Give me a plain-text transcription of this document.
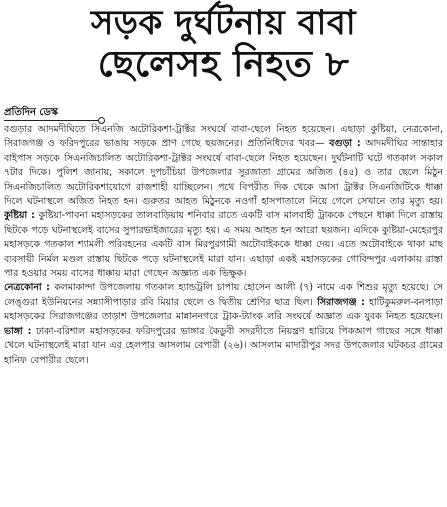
সড়ক দুর্ঘটনায় বাবা
ছেলেসহ নিহত ৮
প্রতিদিন ডেস্ক

বগুড়ার আদমদীঘিতে সিএনজি অটোরিকশা-ট্রাক্টর সংঘর্ষে বাবা-ছেলে নিহত হয়েছেন। এছাড়া কুষ্টিয়া, নেত্রকোনা, সিরাজগঞ্জ ও ফরিদপুরের ভাঙায় সড়কে প্রাণ গেছে ছয়জনের। প্রতিনিধিদের খবর— বগুড়া : আদমদীঘির সান্তাহার বাইপাস সড়কে সিএনজিচালিত অটোরিকশা-ট্রাক্টর সংঘর্ষে বাবা-ছেলে নিহত হয়েছেন। দুর্ঘটনাটি ঘটে গতকাল সকাল ৭টার দিকে। পুলিশ জানায়, সকালে দুপচাঁচিয়া উপজেলার সুরজাতা গ্রামের অজিত (৪৫) ও তার ছেলে মিঠুন সিএনজিচালিত অটোরিকশাযোগে রাজশাহী যাচ্ছিলেন। পথে বিপরীত দিক থেকে আসা ট্রাক্টর সিএনজিটিকে ধাক্কা দিলে ঘটনাস্থলে অজিত নিহত হন। গুরুতর আহত মিঠুনকে নওগাঁ হাসপাতালে নিয়ে গেলে সেখানে তার মৃত্যু হয়। কুষ্টিয়া : কুষ্টিয়া-পাবনা মহাসড়কের তালবাড়িয়ায় শনিবার রাতে একটি বাস মালবাহী ট্রাককে পেছনে ধাক্কা দিলে রাস্তায় ছিটকে পড়ে ঘটনাস্থলেই বাসের সুপারভাইজারের মৃত্যু হয়। এ সময় আহত হন আরো ছয়জন। এদিকে কুষ্টিয়া-মেহেরপুর মহাসড়কে গতকাল শ্যামলী পরিবহনের একটি বাস মিরপুরগামী অটোবাইককে ধাক্কা দেয়। এতে অটোবাইকে থাকা মাছ ব্যবসায়ী নির্মল মণ্ডল রাস্তায় ছিটকে পড়ে ঘটনাস্থলেই মারা যান। এছাড়া একই মহাসড়কের গোবিন্দপুর এলাকায় রাস্তা পার হওয়ার সময় বাসের ধাক্কায় মারা গেছেন অজ্ঞাত এক ভিক্ষুক।

নেত্রকোনা : কলমাকান্দা উপজেলায় গতকাল হ্যান্ডট্রলি চাপায় হোসেন আলী (৭) নামে এক শিশুর মৃত্যু হয়েছে। সে লেঙ্গুরা ইউনিয়নের সন্ন্যাসীপাড়ার রবি মিয়ার ছেলে ও দ্বিতীয় শ্রেণির ছাত্র ছিল। সিরাজগঞ্জ : হাটিকুমরুল-বনপাড়া মহাসড়কের সিরাজগঞ্জের তাড়াশ উপজেলার মান্নাননগরে ট্রাক-ট্যাংক লরি সংঘর্ষে অজ্ঞাত এক যুবক নিহত হয়েছেন। ভাঙ্গা : ঢাকা-বরিশাল মহাসড়কের ফরিদপুরের ভাঙ্গার কৈডুবী সদরদীতে নিয়ন্ত্রণ হারিয়ে পিকআপ গাছের সঙ্গে ধাক্কা খেলে ঘটনাস্থলেই মারা যান এর হেলপার আসলাম বেপারী (২৬)। আসলাম মাদারীপুর সদর উপজেলার ঘটকচর গ্রামের হানিফ বেপারীর ছেলে।
